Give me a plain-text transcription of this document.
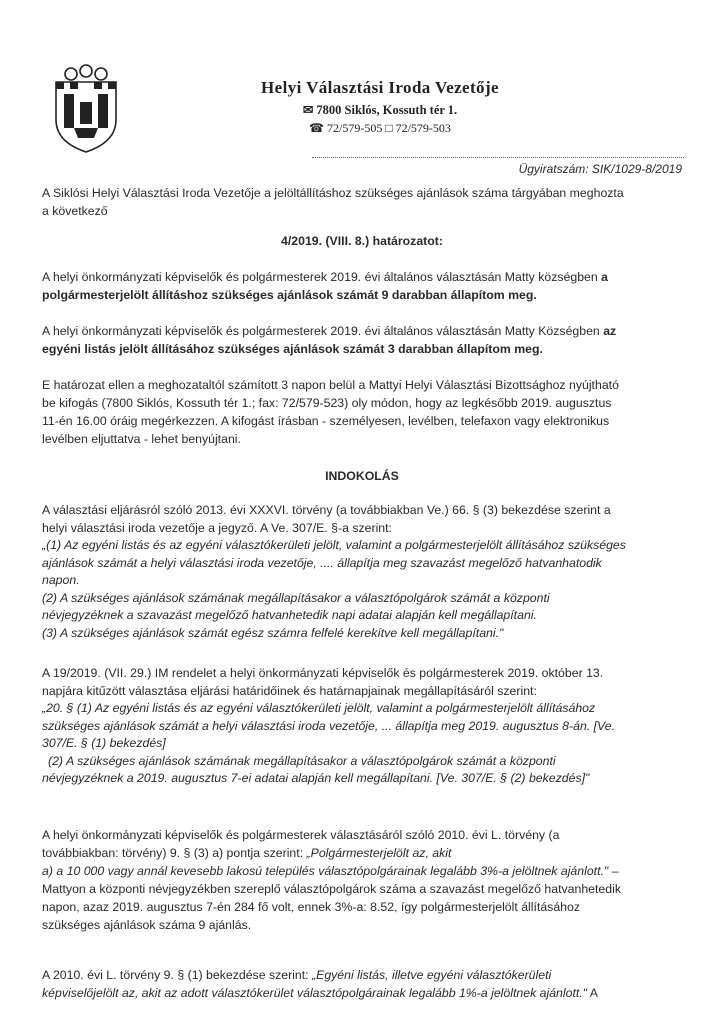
Helyi Választási Iroda Vezetője
✉ 7800 Siklós, Kossuth tér 1.
☎ 72/579-505 □ 72/579-503
Ügyiratszám: SIK/1029-8/2019
A Siklósi Helyi Választási Iroda Vezetője a jelöltállításhoz szükséges ajánlások száma tárgyában meghozta
a következő
4/2019. (VIII. 8.) határozatot:
A helyi önkormányzati képviselők és polgármesterek 2019. évi általános választásán Matty községben a
polgármesterjelölt állításhoz szükséges ajánlások számát 9 darabban állapítom meg.
A helyi önkormányzati képviselők és polgármesterek 2019. évi általános választásán Matty Községben az
egyéni listás jelölt állításához szükséges ajánlások számát 3 darabban állapítom meg.
E határozat ellen a meghozataltól számított 3 napon belül a Mattyi Helyi Választási Bizottsághoz nyújtható
be kifogás (7800 Siklós, Kossuth tér 1.; fax: 72/579-523) oly módon, hogy az legkésőbb 2019. augusztus
11-én 16.00 óráig megérkezzen. A kifogást írásban - személyesen, levélben, telefaxon vagy elektronikus
levélben eljuttatva - lehet benyújtani.
INDOKOLÁS
A választási eljárásról szóló 2013. évi XXXVI. törvény (a továbbiakban Ve.) 66. § (3) bekezdése szerint a
helyi választási iroda vezetője a jegyző. A Ve. 307/E. §-a szerint:
„(1) Az egyéni listás és az egyéni választókerületi jelölt, valamint a polgármesterjelölt állításához szükséges
ajánlások számát a helyi választási iroda vezetője, .... állapítja meg szavazást megelőző hatvanhatodik
napon.
(2) A szükséges ajánlások számának megállapításakor a választópolgárok számát a központi
névjegyzéknek a szavazást megelőző hatvanhetedik napi adatai alapján kell megállapítani.
(3) A szükséges ajánlások számát egész számra felfelé kerekítve kell megállapítani."
A 19/2019. (VII. 29.) IM rendelet a helyi önkormányzati képviselők és polgármesterek 2019. október 13.
napjára kitűzött választása eljárási határidőinek és határnapjainak megállapításáról szerint:
„20. § (1) Az egyéni listás és az egyéni választókerületi jelölt, valamint a polgármesterjelölt állításához
szükséges ajánlások számát a helyi választási iroda vezetője, ... állapítja meg 2019. augusztus 8-án. [Ve.
307/E. § (1) bekezdés]
(2) A szükséges ajánlások számának megállapításakor a választópolgárok számát a központi
névjegyzéknek a 2019. augusztus 7-ei adatai alapján kell megállapítani. [Ve. 307/E. § (2) bekezdés]"
A helyi önkormányzati képviselők és polgármesterek választásáról szóló 2010. évi L. törvény (a
továbbiakban: törvény) 9. § (3) a) pontja szerint: „Polgármesterjelölt az, akit
a) a 10 000 vagy annál kevesebb lakosú település választópolgárainak legalább 3%-a jelöltnek ajánlott." –
Mattyon a központi névjegyzékben szereplő választópolgárok száma a szavazást megelőző hatvanhetedik
napon, azaz 2019. augusztus 7-én 284 fő volt, ennek 3%-a: 8.52, így polgármesterjelölt állításához
szükséges ajánlások száma 9 ajánlás.
A 2010. évi L. törvény 9. § (1) bekezdése szerint: „Egyéni listás, illetve egyéni választókerületi
képviselőjelölt az, akit az adott választókerület választópolgárainak legalább 1%-a jelöltnek ajánlott." A
